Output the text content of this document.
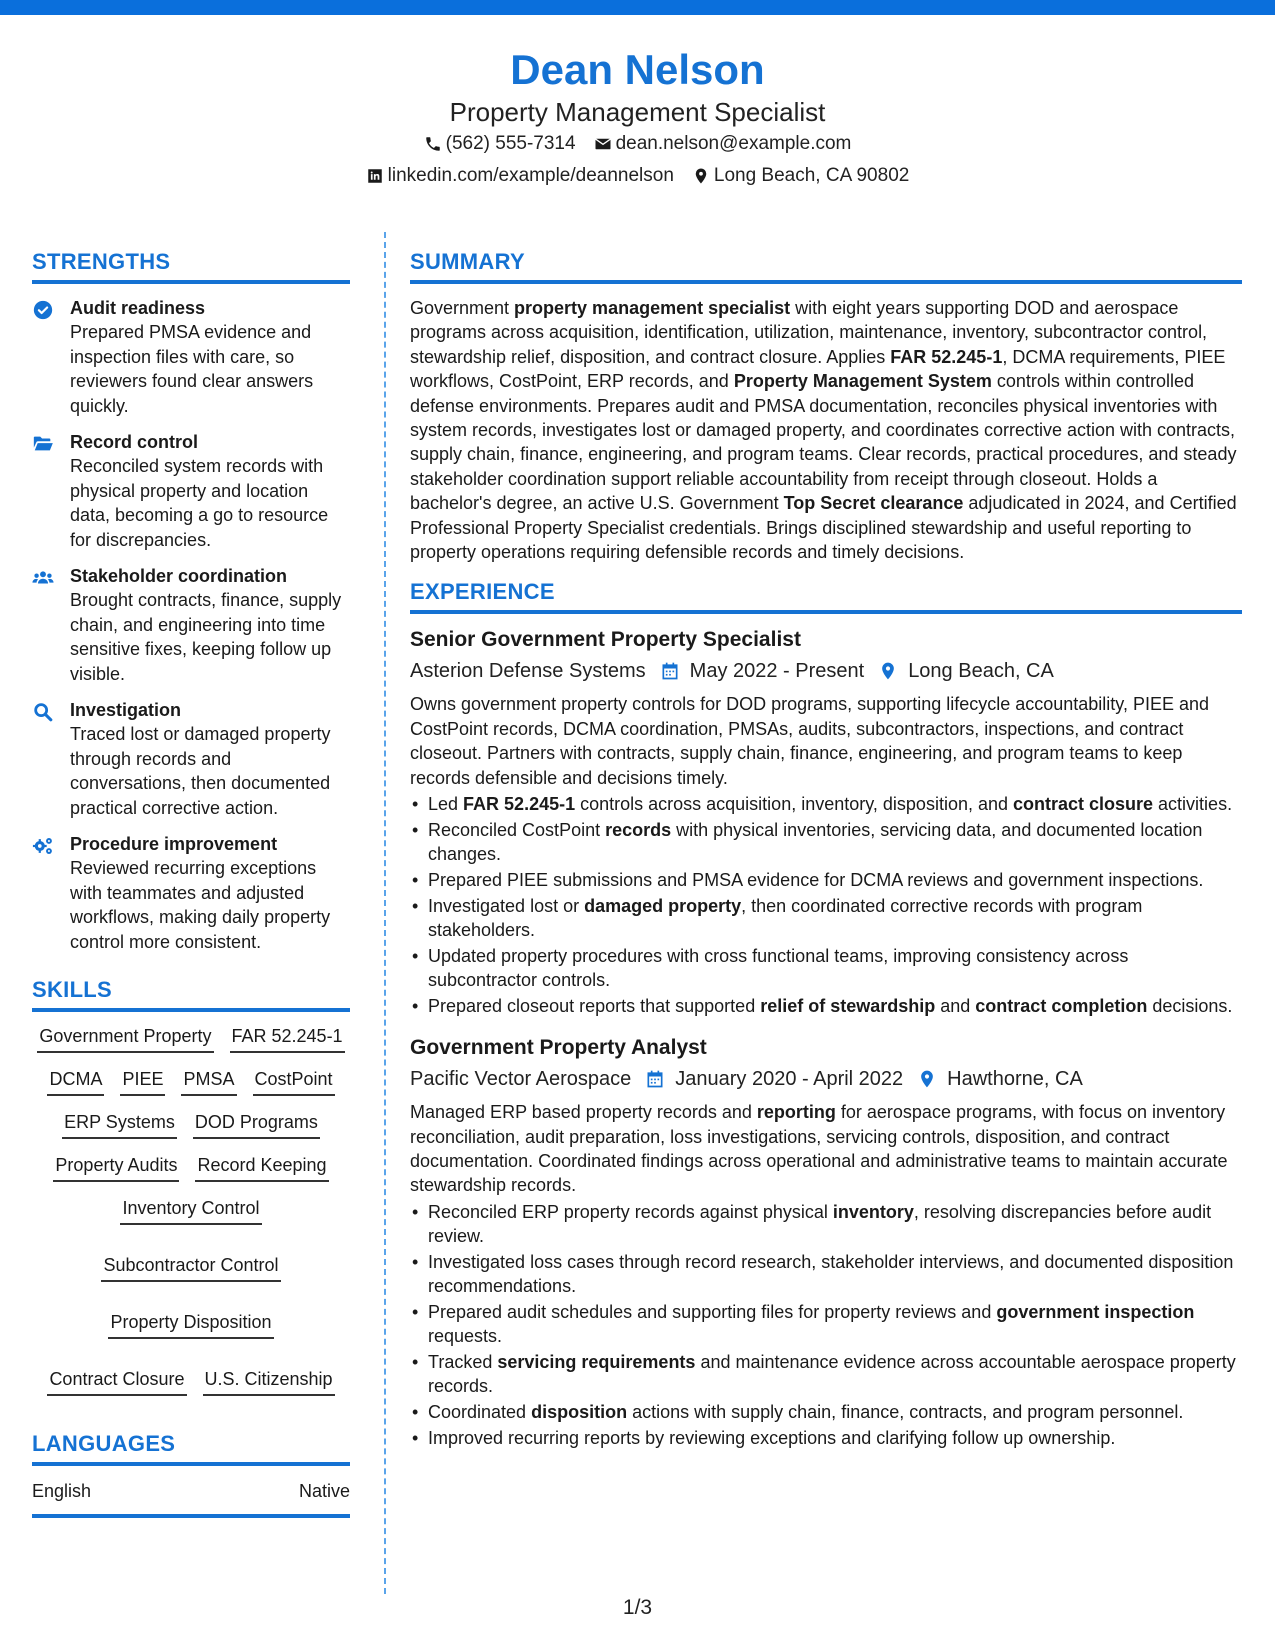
Dean Nelson
Property Management Specialist
(562) 555-7314 dean.nelson@example.com
linkedin.com/example/deannelson Long Beach, CA 90802
STRENGTHS
Audit readiness
Prepared PMSA evidence and inspection files with care, so reviewers found clear answers quickly.
Record control
Reconciled system records with physical property and location data, becoming a go to resource for discrepancies.
Stakeholder coordination
Brought contracts, finance, supply chain, and engineering into time sensitive fixes, keeping follow up visible.
Investigation
Traced lost or damaged property through records and conversations, then documented practical corrective action.
Procedure improvement
Reviewed recurring exceptions with teammates and adjusted workflows, making daily property control more consistent.
SKILLS
Government Property FAR 52.245-1
DCMA PIEE PMSA CostPoint
ERP Systems DOD Programs
Property Audits Record Keeping
Inventory Control
Subcontractor Control
Property Disposition
Contract Closure U.S. Citizenship
LANGUAGES
English	Native
SUMMARY

Government property management specialist with eight years supporting DOD and aerospace programs across acquisition, identification, utilization, maintenance, inventory, subcontractor control, stewardship relief, disposition, and contract closure. Applies FAR 52.245-1, DCMA requirements, PIEE workflows, CostPoint, ERP records, and Property Management System controls within controlled defense environments. Prepares audit and PMSA documentation, reconciles physical inventories with system records, investigates lost or damaged property, and coordinates corrective action with contracts, supply chain, finance, engineering, and program teams. Clear records, practical procedures, and steady stakeholder coordination support reliable accountability from receipt through closeout. Holds a bachelor's degree, an active U.S. Government Top Secret clearance adjudicated in 2024, and Certified Professional Property Specialist credentials. Brings disciplined stewardship and useful reporting to property operations requiring defensible records and timely decisions.

EXPERIENCE
Senior Government Property Specialist
Asterion Defense Systems May 2022 - Present Long Beach, CA
Owns government property controls for DOD programs, supporting lifecycle accountability, PIEE and CostPoint records, DCMA coordination, PMSAs, audits, subcontractors, inspections, and contract closeout. Partners with contracts, supply chain, finance, engineering, and program teams to keep records defensible and decisions timely.
• Led FAR 52.245-1 controls across acquisition, inventory, disposition, and contract closure activities.
• Reconciled CostPoint records with physical inventories, servicing data, and documented location changes.
• Prepared PIEE submissions and PMSA evidence for DCMA reviews and government inspections.
• Investigated lost or damaged property, then coordinated corrective records with program stakeholders.
• Updated property procedures with cross functional teams, improving consistency across subcontractor controls.
• Prepared closeout reports that supported relief of stewardship and contract completion decisions.
Government Property Analyst
Pacific Vector Aerospace January 2020 - April 2022 Hawthorne, CA
Managed ERP based property records and reporting for aerospace programs, with focus on inventory reconciliation, audit preparation, loss investigations, servicing controls, disposition, and contract documentation. Coordinated findings across operational and administrative teams to maintain accurate stewardship records.
• Reconciled ERP property records against physical inventory, resolving discrepancies before audit review.
• Investigated loss cases through record research, stakeholder interviews, and documented disposition recommendations.
• Prepared audit schedules and supporting files for property reviews and government inspection requests.
• Tracked servicing requirements and maintenance evidence across accountable aerospace property records.
• Coordinated disposition actions with supply chain, finance, contracts, and program personnel.
• Improved recurring reports by reviewing exceptions and clarifying follow up ownership.
1/3
